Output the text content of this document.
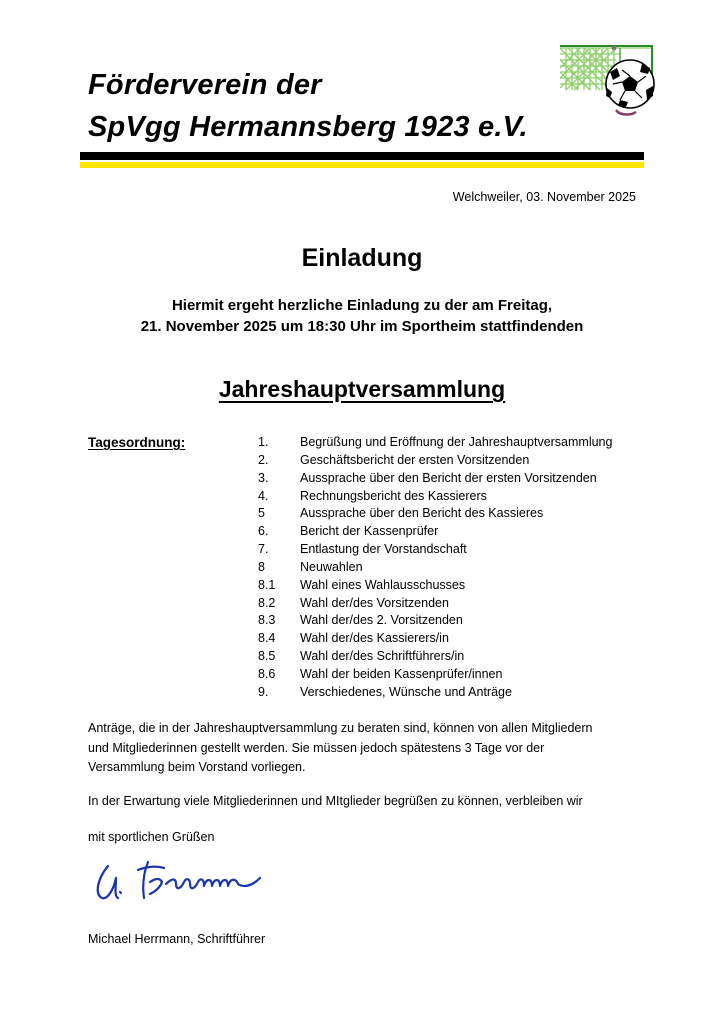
Förderverein der
SpVgg Hermannsberg 1923 e.V.
Welchweiler, 03. November 2025
Einladung
Hiermit ergeht herzliche Einladung zu der am Freitag,
21. November 2025 um 18:30 Uhr im Sportheim stattfindenden
Jahreshauptversammlung
Tagesordnung:	1.	Begrüßung und Eröffnung der Jahreshauptversammlung
2.	Geschäftsbericht der ersten Vorsitzenden
3.	Aussprache über den Bericht der ersten Vorsitzenden
4.	Rechnungsbericht des Kassierers
5	Aussprache über den Bericht des Kassieres
6.	Bericht der Kassenprüfer
7.	Entlastung der Vorstandschaft
8	Neuwahlen
8.1	Wahl eines Wahlausschusses
8.2	Wahl der/des Vorsitzenden
8.3	Wahl der/des 2. Vorsitzenden
8.4	Wahl der/des Kassierers/in
8.5	Wahl der/des Schriftführers/in
8.6	Wahl der beiden Kassenprüfer/innen
9.	Verschiedenes, Wünsche und Anträge
Anträge, die in der Jahreshauptversammlung zu beraten sind, können von allen Mitgliedern
und Mitgliederinnen gestellt werden. Sie müssen jedoch spätestens 3 Tage vor der
Versammlung beim Vorstand vorliegen.
In der Erwartung viele Mitgliederinnen und MItglieder begrüßen zu können, verbleiben wir
mit sportlichen Grüßen
Michael Herrmann, Schriftführer
